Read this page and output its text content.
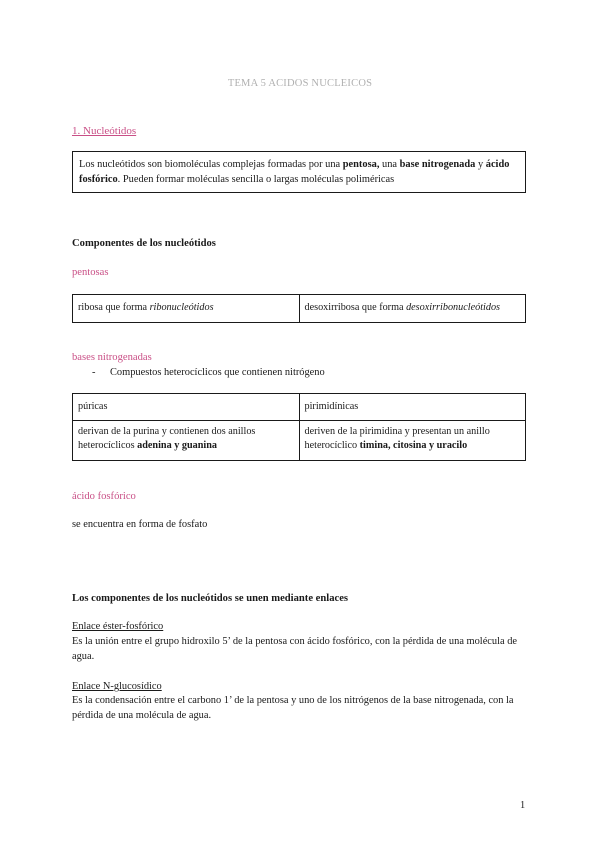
TEMA 5 ACIDOS NUCLEICOS
1. Nucleótidos
Los nucleótidos son biomoléculas complejas formadas por una pentosa, una base nitrogenada y ácido fosfórico. Pueden formar moléculas sencilla o largas moléculas poliméricas
Componentes de los nucleótidos
pentosas
ribosa que forma ribonucleótidos	desoxirribosa que forma desoxirribonucleótidos
bases nitrogenadas
- Compuestos heterocíclicos que contienen nitrógeno
púricas	pirimidínicas
derivan de la purina y contienen dos anillos heterocíclicos adenina y guanina	deriven de la pirimidina y presentan un anillo heterocíclico timina, citosina y uracilo
ácido fosfórico
se encuentra en forma de fosfato
Los componentes de los nucleótidos se unen mediante enlaces
Enlace éster-fosfórico
Es la unión entre el grupo hidroxilo 5’ de la pentosa con ácido fosfórico, con la pérdida de una molécula de agua.
Enlace N-glucosídico
Es la condensación entre el carbono 1’ de la pentosa y uno de los nitrógenos de la base nitrogenada, con la pérdida de una molécula de agua.
1
